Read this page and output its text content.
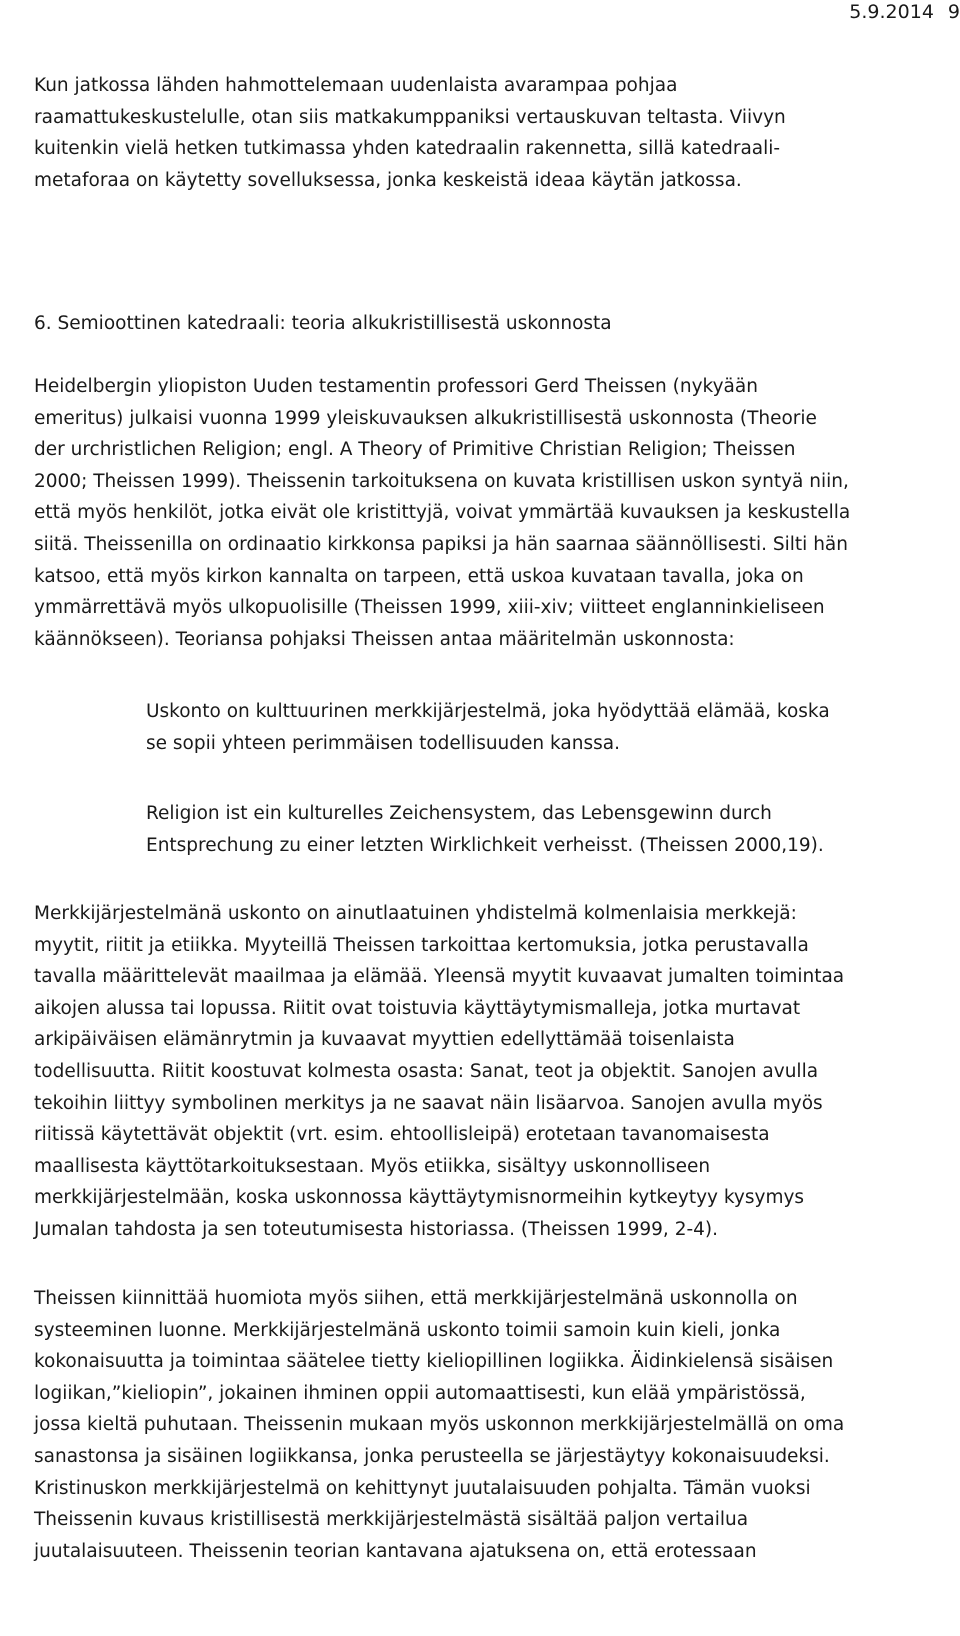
5.9.2014 9

Kun jatkossa lähden hahmottelemaan uudenlaista avarampaa pohjaa
raamattukeskustelulle, otan siis matkakumppaniksi vertauskuvan teltasta. Viivyn
kuitenkin vielä hetken tutkimassa yhden katedraalin rakennetta, sillä katedraali-
metaforaa on käytetty sovelluksessa, jonka keskeistä ideaa käytän jatkossa.

6. Semioottinen katedraali: teoria alkukristillisestä uskonnosta

Heidelbergin yliopiston Uuden testamentin professori Gerd Theissen (nykyään
emeritus) julkaisi vuonna 1999 yleiskuvauksen alkukristillisestä uskonnosta (Theorie
der urchristlichen Religion; engl. A Theory of Primitive Christian Religion; Theissen
2000; Theissen 1999). Theissenin tarkoituksena on kuvata kristillisen uskon syntyä niin,
että myös henkilöt, jotka eivät ole kristittyjä, voivat ymmärtää kuvauksen ja keskustella
siitä. Theissenilla on ordinaatio kirkkonsa papiksi ja hän saarnaa säännöllisesti. Silti hän
katsoo, että myös kirkon kannalta on tarpeen, että uskoa kuvataan tavalla, joka on
ymmärrettävä myös ulkopuolisille (Theissen 1999, xiii-xiv; viitteet englanninkieliseen
käännökseen). Teoriansa pohjaksi Theissen antaa määritelmän uskonnosta:

Uskonto on kulttuurinen merkkijärjestelmä, joka hyödyttää elämää, koska
se sopii yhteen perimmäisen todellisuuden kanssa.
Religion ist ein kulturelles Zeichensystem, das Lebensgewinn durch
Entsprechung zu einer letzten Wirklichkeit verheisst. (Theissen 2000,19).

Merkkijärjestelmänä uskonto on ainutlaatuinen yhdistelmä kolmenlaisia merkkejä:
myytit, riitit ja etiikka. Myyteillä Theissen tarkoittaa kertomuksia, jotka perustavalla
tavalla määrittelevät maailmaa ja elämää. Yleensä myytit kuvaavat jumalten toimintaa
aikojen alussa tai lopussa. Riitit ovat toistuvia käyttäytymismalleja, jotka murtavat
arkipäiväisen elämänrytmin ja kuvaavat myyttien edellyttämää toisenlaista
todellisuutta. Riitit koostuvat kolmesta osasta: Sanat, teot ja objektit. Sanojen avulla
tekoihin liittyy symbolinen merkitys ja ne saavat näin lisäarvoa. Sanojen avulla myös
riitissä käytettävät objektit (vrt. esim. ehtoollisleipä) erotetaan tavanomaisesta
maallisesta käyttötarkoituksestaan. Myös etiikka, sisältyy uskonnolliseen
merkkijärjestelmään, koska uskonnossa käyttäytymisnormeihin kytkeytyy kysymys
Jumalan tahdosta ja sen toteutumisesta historiassa. (Theissen 1999, 2-4).

Theissen kiinnittää huomiota myös siihen, että merkkijärjestelmänä uskonnolla on
systeeminen luonne. Merkkijärjestelmänä uskonto toimii samoin kuin kieli, jonka
kokonaisuutta ja toimintaa säätelee tietty kieliopillinen logiikka. Äidinkielensä sisäisen
logiikan,”kieliopin”, jokainen ihminen oppii automaattisesti, kun elää ympäristössä,
jossa kieltä puhutaan. Theissenin mukaan myös uskonnon merkkijärjestelmällä on oma
sanastonsa ja sisäinen logiikkansa, jonka perusteella se järjestäytyy kokonaisuudeksi.
Kristinuskon merkkijärjestelmä on kehittynyt juutalaisuuden pohjalta. Tämän vuoksi
Theissenin kuvaus kristillisestä merkkijärjestelmästä sisältää paljon vertailua
juutalaisuuteen. Theissenin teorian kantavana ajatuksena on, että erotessaan
